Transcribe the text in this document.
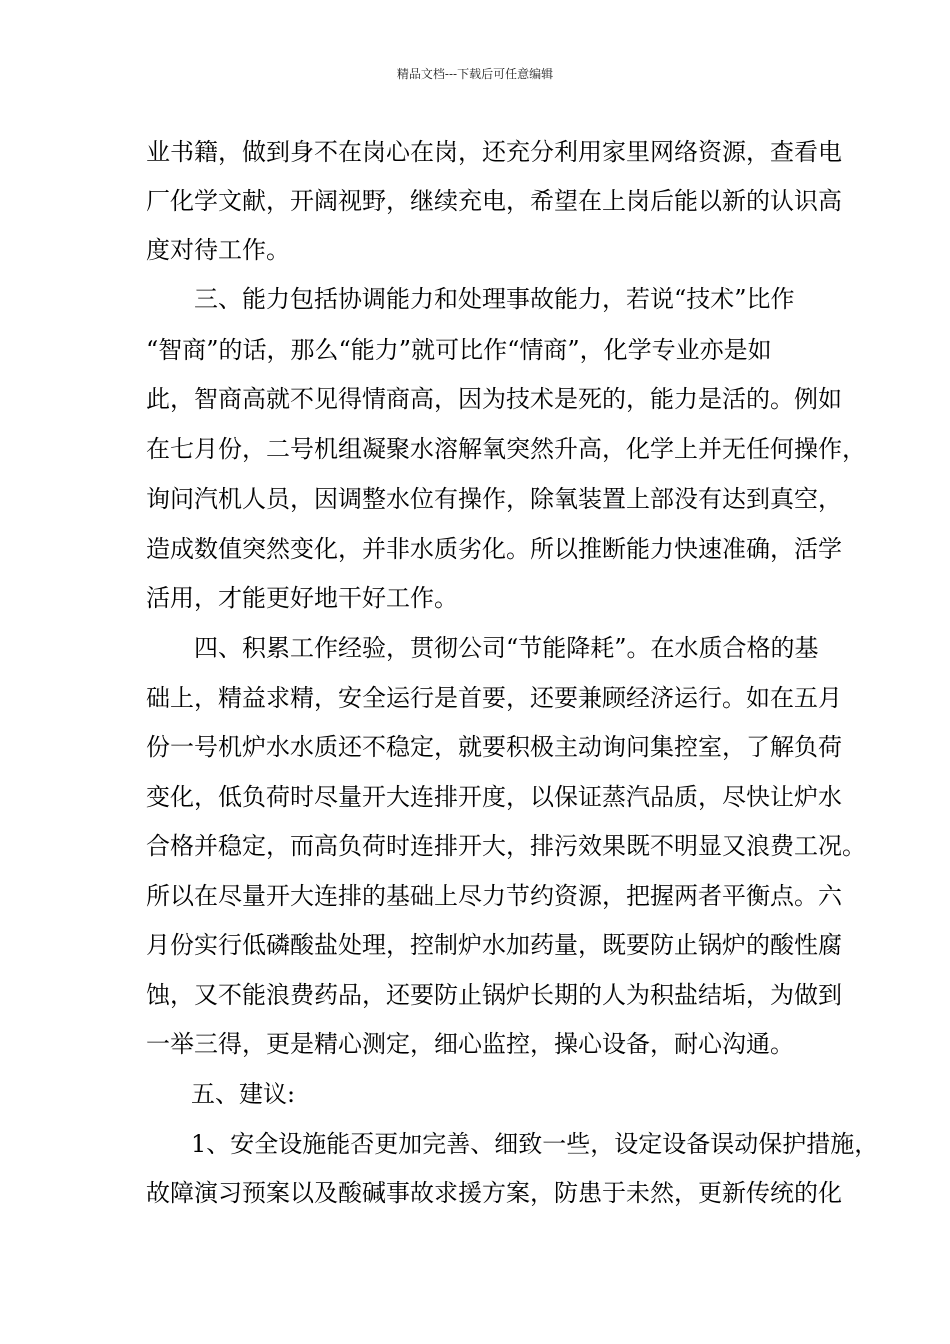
精品文档---下载后可任意编辑
业书籍，做到身不在岗心在岗，还充分利用家里网络资源，查看电
厂化学文献，开阔视野，继续充电，希望在上岗后能以新的认识高
度对待工作。
三、能力包括协调能力和处理事故能力，若说“技术”比作
“智商”的话，那么“能力”就可比作“情商”，化学专业亦是如
此，智商高就不见得情商高，因为技术是死的，能力是活的。例如
在七月份，二号机组凝聚水溶解氧突然升高，化学上并无任何操作，
询问汽机人员，因调整水位有操作，除氧装置上部没有达到真空，
造成数值突然变化，并非水质劣化。所以推断能力快速准确，活学
活用，才能更好地干好工作。
四、积累工作经验，贯彻公司“节能降耗”。在水质合格的基
础上，精益求精，安全运行是首要，还要兼顾经济运行。如在五月
份一号机炉水水质还不稳定，就要积极主动询问集控室，了解负荷
变化，低负荷时尽量开大连排开度，以保证蒸汽品质，尽快让炉水
合格并稳定，而高负荷时连排开大，排污效果既不明显又浪费工况。
所以在尽量开大连排的基础上尽力节约资源，把握两者平衡点。六
月份实行低磷酸盐处理，控制炉水加药量，既要防止锅炉的酸性腐
蚀，又不能浪费药品，还要防止锅炉长期的人为积盐结垢，为做到
一举三得，更是精心测定，细心监控，操心设备，耐心沟通。
五、建议:
1、安全设施能否更加完善、细致一些，设定设备误动保护措施，
故障演习预案以及酸碱事故求援方案，防患于未然，更新传统的化
